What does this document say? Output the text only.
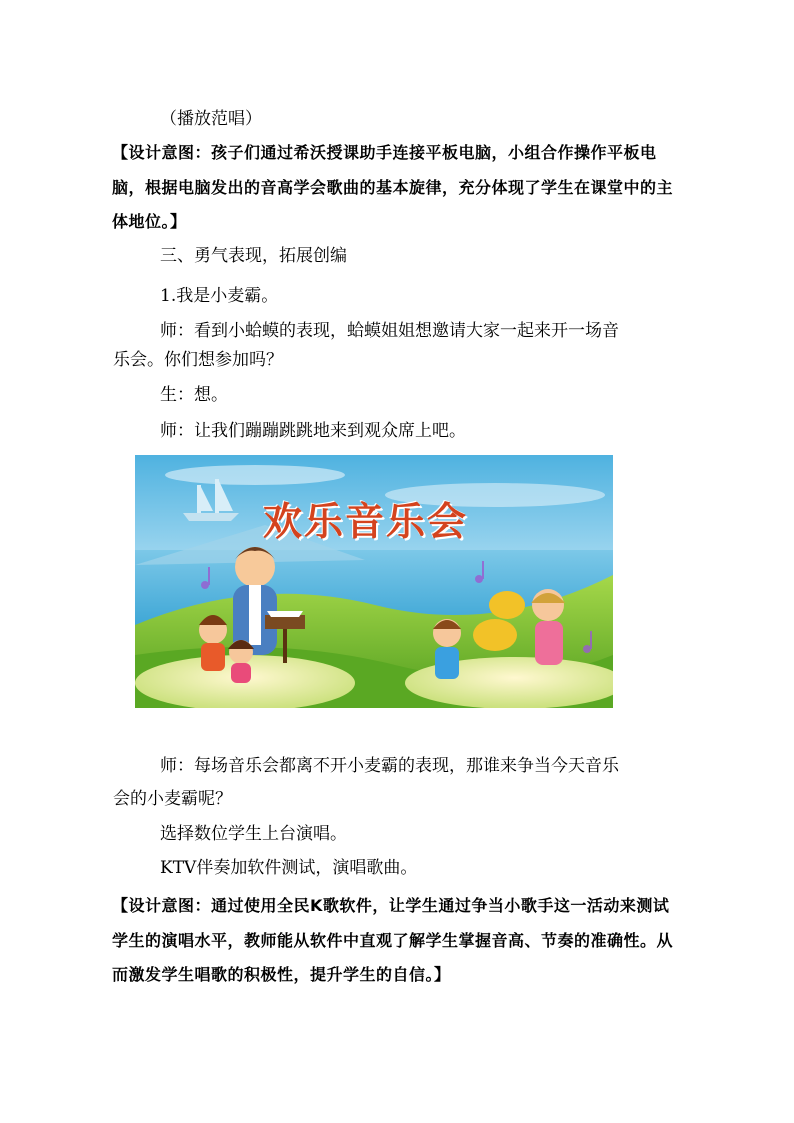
（播放范唱）
【设计意图：孩子们通过希沃授课助手连接平板电脑，小组合作操作平板电脑，根据电脑发出的音高学会歌曲的基本旋律，充分体现了学生在课堂中的主体地位。】
三、勇气表现，拓展创编
1.我是小麦霸。
师：看到小蛤蟆的表现，蛤蟆姐姐想邀请大家一起来开一场音
乐会。你们想参加吗？
生：想。
师：让我们蹦蹦跳跳地来到观众席上吧。
欢乐音乐会
师：每场音乐会都离不开小麦霸的表现，那谁来争当今天音乐
会的小麦霸呢？
选择数位学生上台演唱。
KTV伴奏加软件测试，演唱歌曲。
【设计意图：通过使用全民K歌软件，让学生通过争当小歌手这一活动来测试学生的演唱水平，教师能从软件中直观了解学生掌握音高、节奏的准确性。从而激发学生唱歌的积极性，提升学生的自信。】
